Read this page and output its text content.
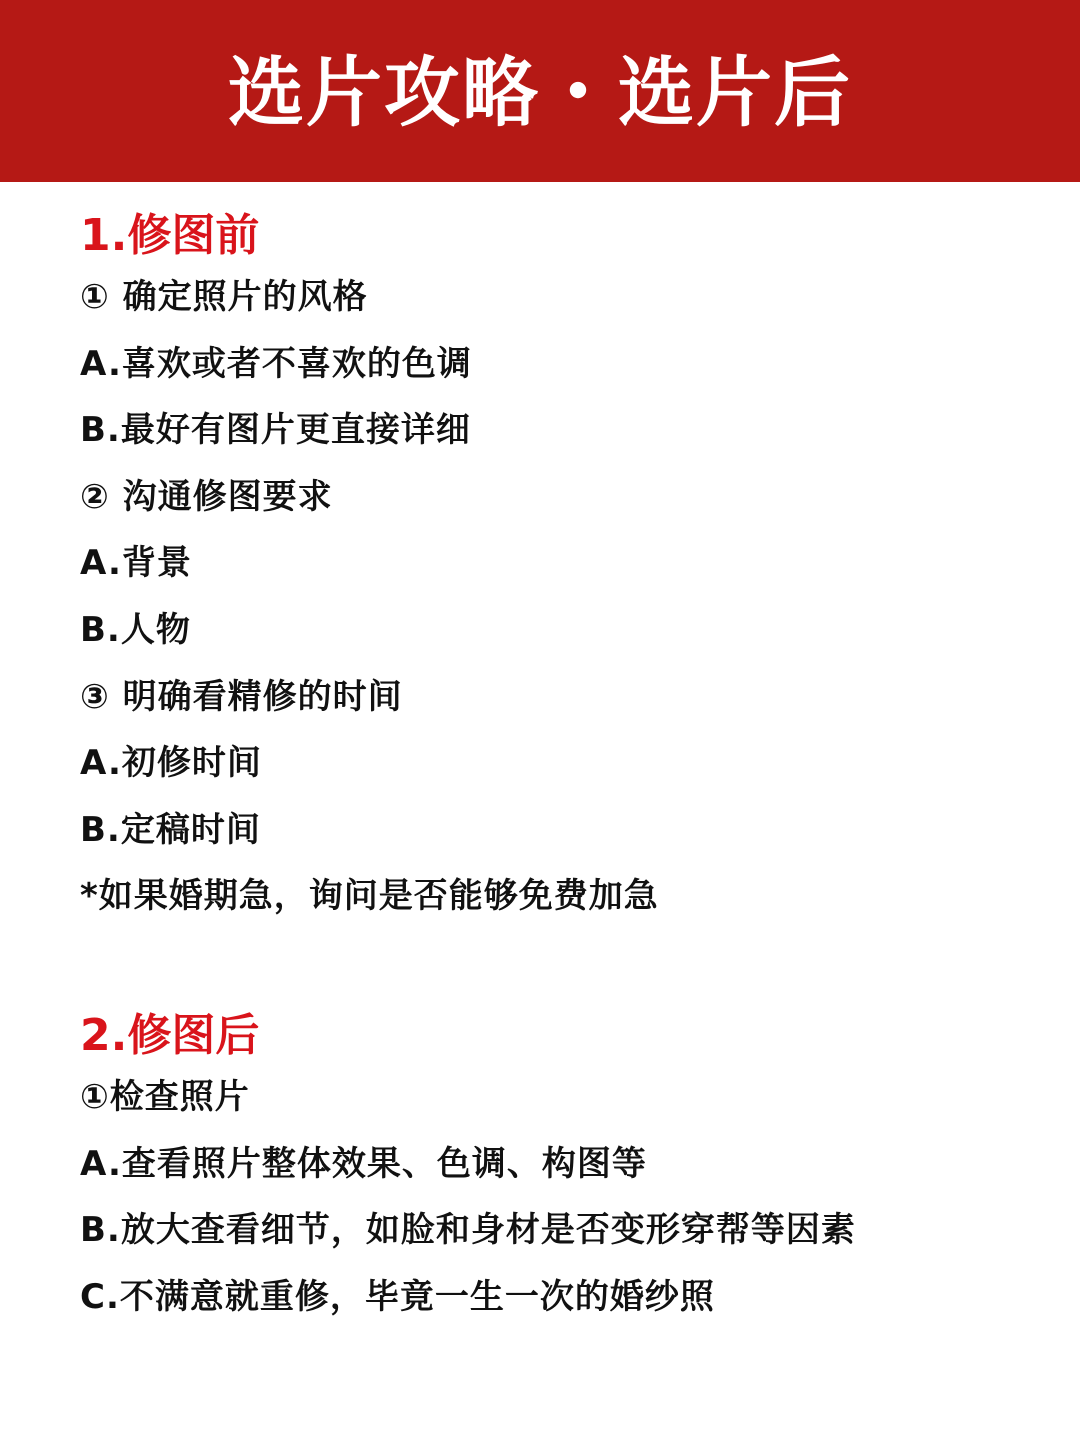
选片攻略・选片后
1.修图前
① 确定照片的风格
A.喜欢或者不喜欢的色调
B.最好有图片更直接详细
② 沟通修图要求
A.背景
B.人物
③ 明确看精修的时间
A.初修时间
B.定稿时间
*如果婚期急，询问是否能够免费加急
2.修图后
①检查照片
A.查看照片整体效果、色调、构图等
B.放大查看细节，如脸和身材是否变形穿帮等因素
C.不满意就重修，毕竟一生一次的婚纱照
